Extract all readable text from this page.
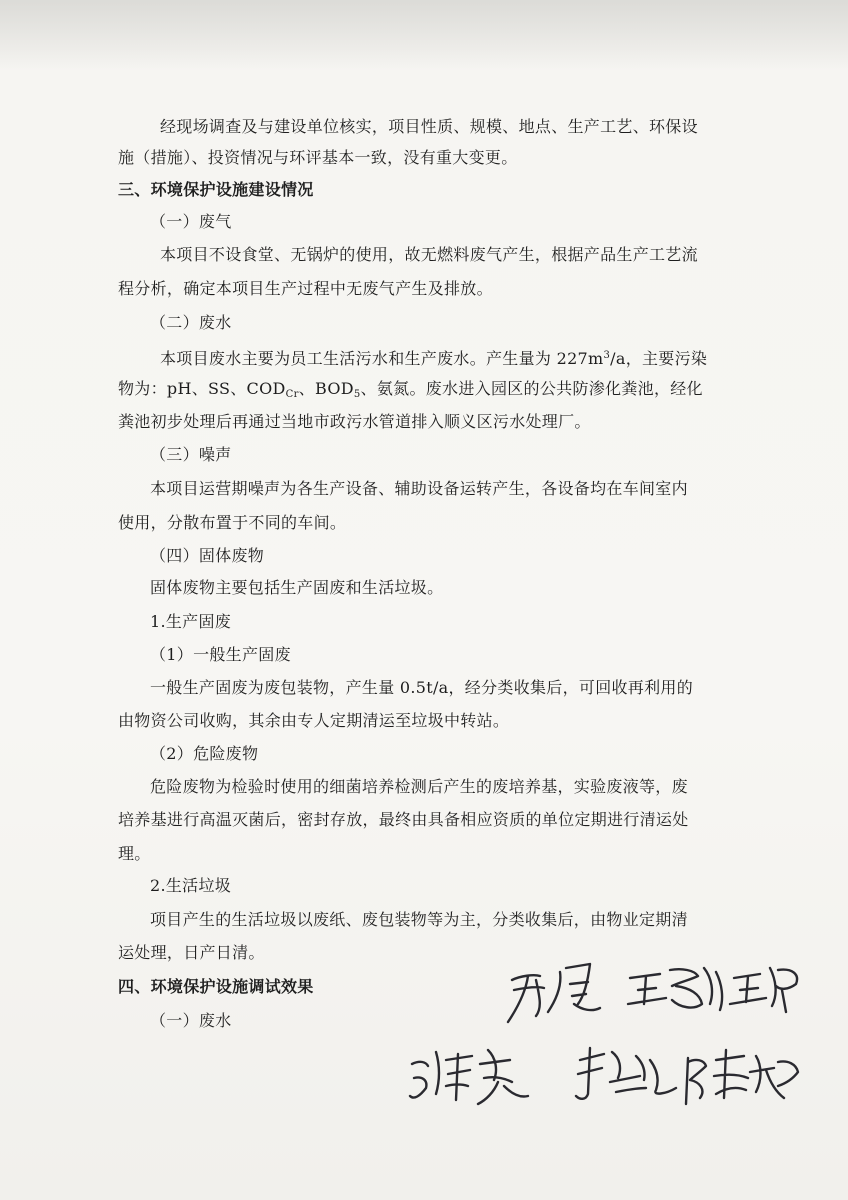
经现场调查及与建设单位核实，项目性质、规模、地点、生产工艺、环保设
施（措施）、投资情况与环评基本一致，没有重大变更。
三、环境保护设施建设情况
（一）废气
本项目不设食堂、无锅炉的使用，故无燃料废气产生，根据产品生产工艺流
程分析，确定本项目生产过程中无废气产生及排放。
（二）废水
本项目废水主要为员工生活污水和生产废水。产生量为 $227m^3/a$，主要污染
物为：pH、SS、$COD_{Cr}$、$BOD_5$、氨氮。废水进入园区的公共防渗化粪池，经化
粪池初步处理后再通过当地市政污水管道排入顺义区污水处理厂。
（三）噪声
本项目运营期噪声为各生产设备、辅助设备运转产生，各设备均在车间室内
使用，分散布置于不同的车间。
（四）固体废物
固体废物主要包括生产固废和生活垃圾。
1.生产固废
（1）一般生产固废
一般生产固废为废包装物，产生量 0.5t/a，经分类收集后，可回收再利用的
由物资公司收购，其余由专人定期清运至垃圾中转站。
（2）危险废物
危险废物为检验时使用的细菌培养检测后产生的废培养基，实验废液等，废
培养基进行高温灭菌后，密封存放，最终由具备相应资质的单位定期进行清运处
理。
2.生活垃圾
项目产生的生活垃圾以废纸、废包装物等为主，分类收集后，由物业定期清
运处理，日产日清。
四、环境保护设施调试效果
（一）废水
